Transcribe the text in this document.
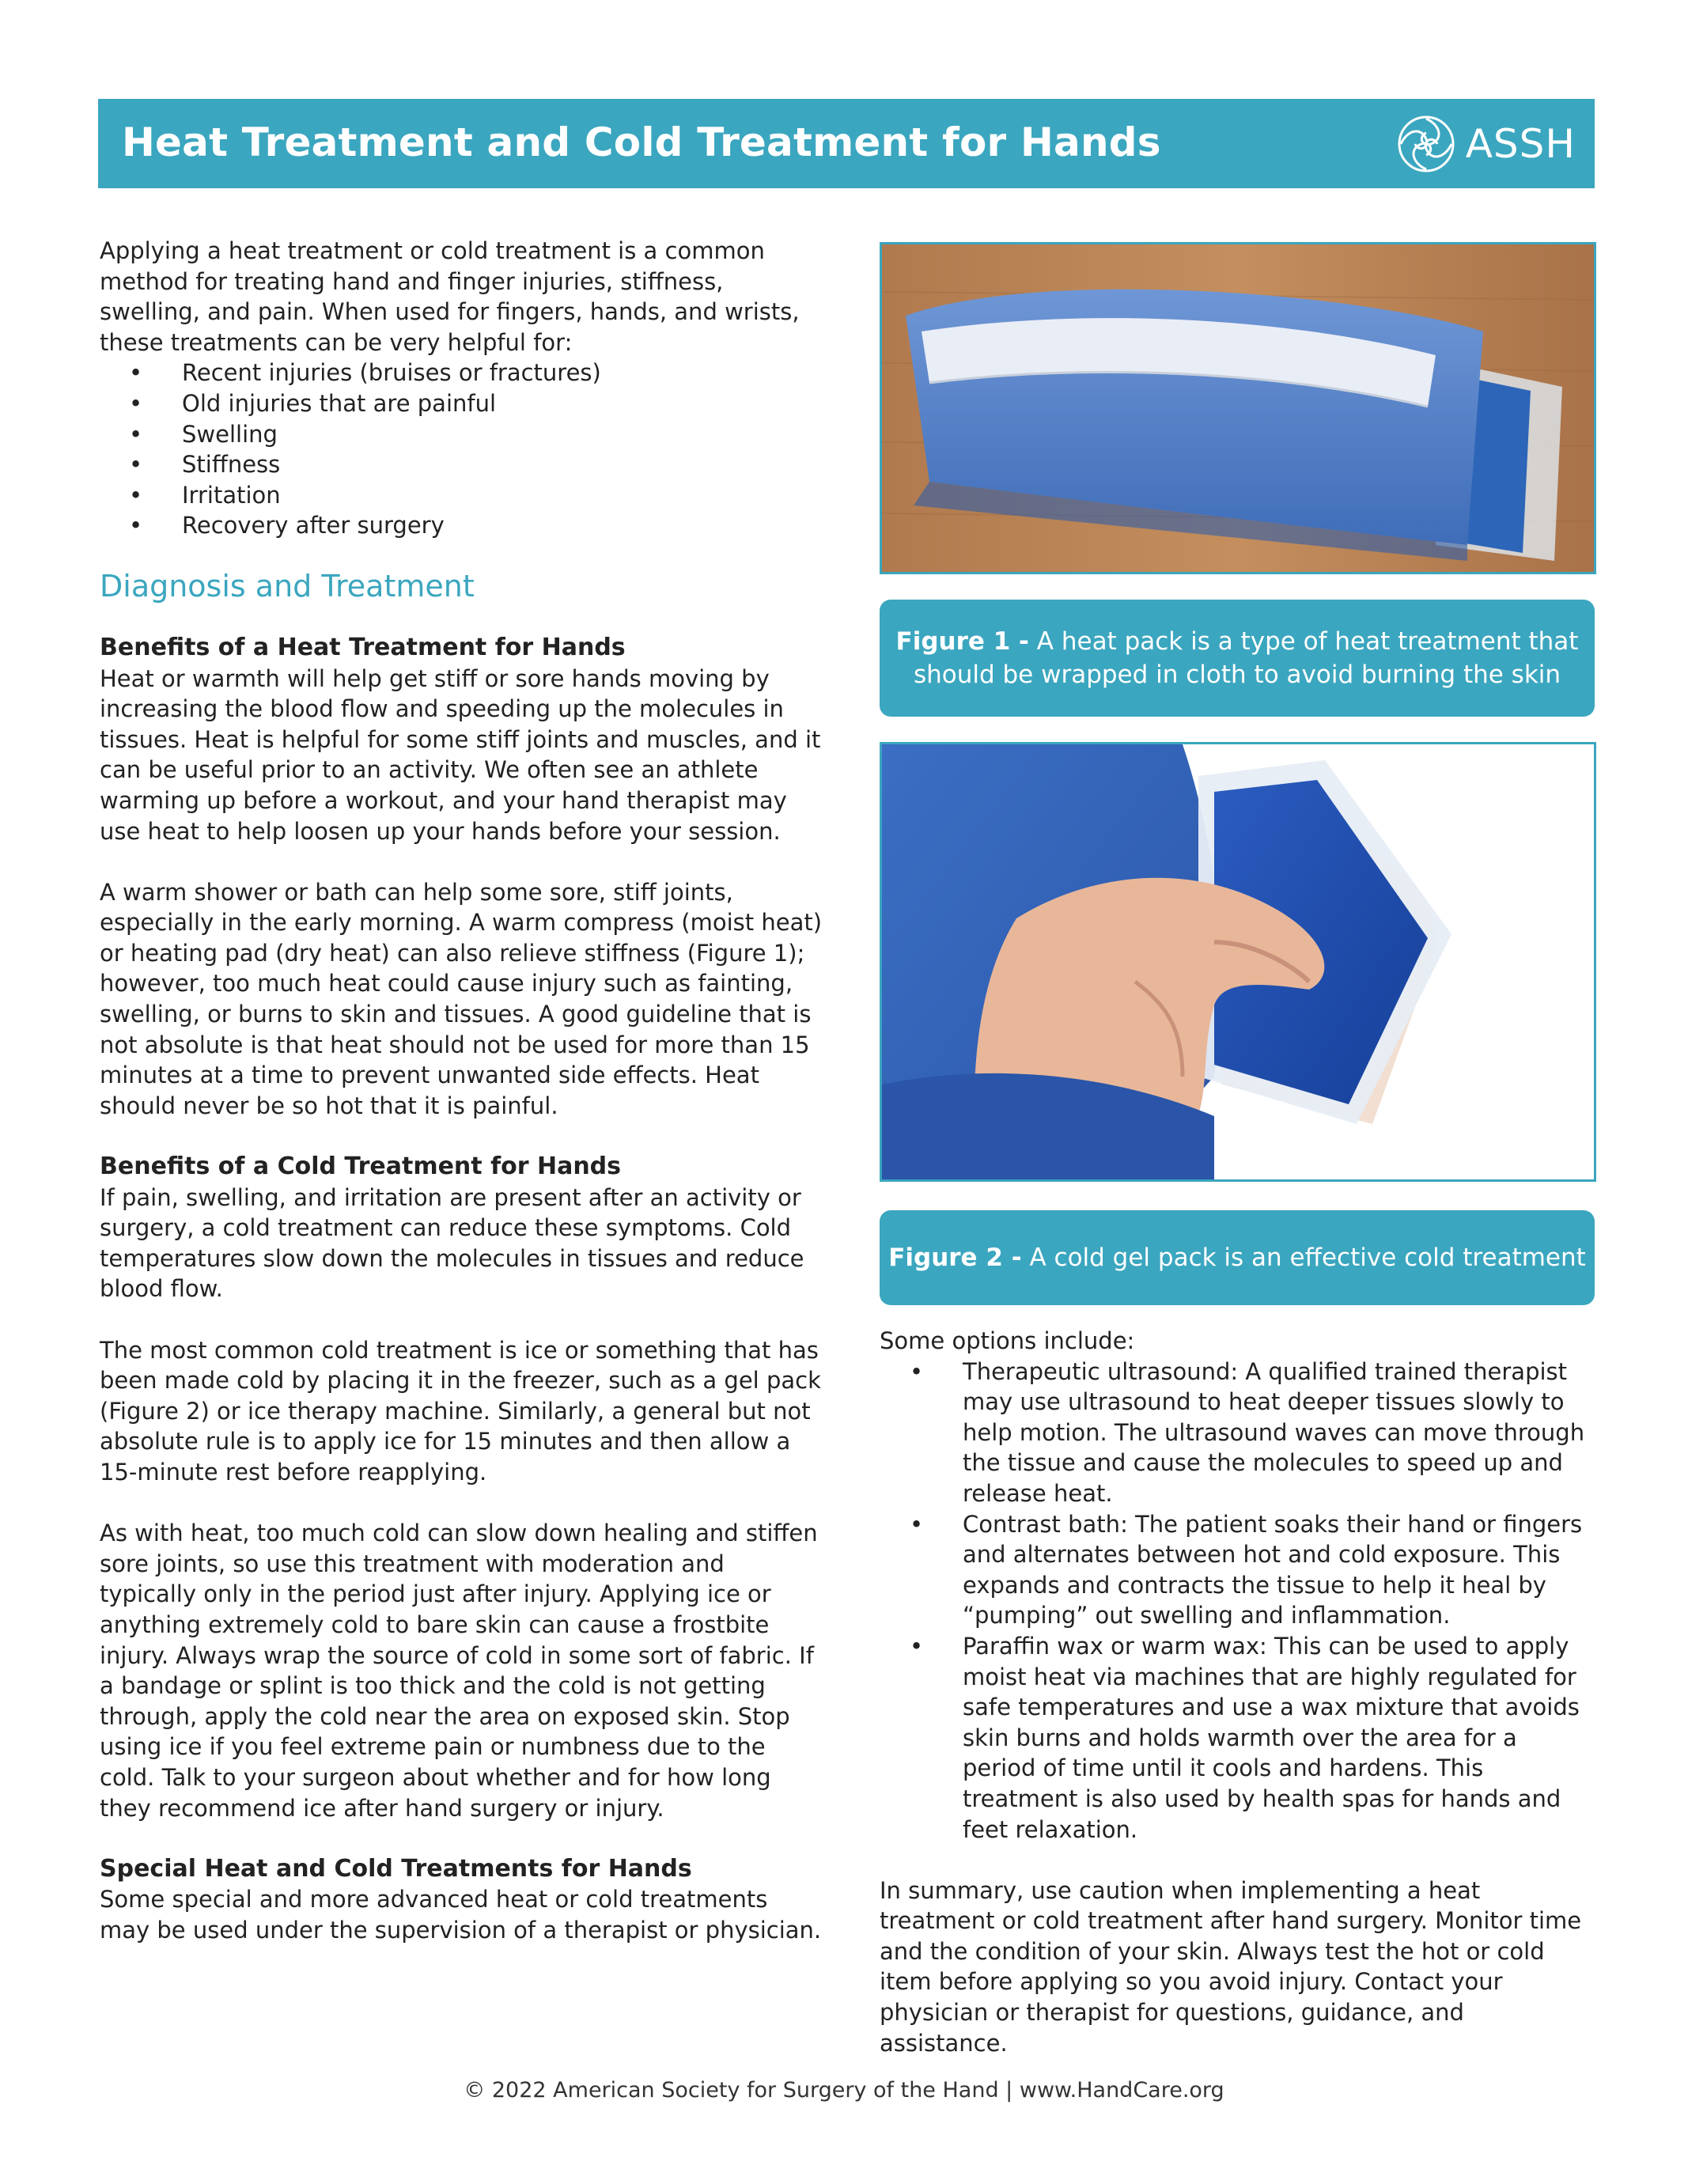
Heat Treatment and Cold Treatment for Hands	ASSH

Applying a heat treatment or cold treatment is a common method for treating hand and finger injuries, stiffness, swelling, and pain. When used for fingers, hands, and wrists, these treatments can be very helpful for:

• Recent injuries (bruises or fractures)
• Old injuries that are painful
• Swelling
• Stiffness
• Irritation
• Recovery after surgery
Diagnosis and Treatment
Benefits of a Heat Treatment for Hands

Heat or warmth will help get stiff or sore hands moving by increasing the blood flow and speeding up the molecules in tissues. Heat is helpful for some stiff joints and muscles, and it can be useful prior to an activity. We often see an athlete warming up before a workout, and your hand therapist may use heat to help loosen up your hands before your session.

A warm shower or bath can help some sore, stiff joints, especially in the early morning. A warm compress (moist heat) or heating pad (dry heat) can also relieve stiffness (Figure 1); however, too much heat could cause injury such as fainting, swelling, or burns to skin and tissues. A good guideline that is not absolute is that heat should not be used for more than 15 minutes at a time to prevent unwanted side effects. Heat should never be so hot that it is painful.

Benefits of a Cold Treatment for Hands

If pain, swelling, and irritation are present after an activity or surgery, a cold treatment can reduce these symptoms. Cold temperatures slow down the molecules in tissues and reduce blood flow.

The most common cold treatment is ice or something that has been made cold by placing it in the freezer, such as a gel pack (Figure 2) or ice therapy machine. Similarly, a general but not absolute rule is to apply ice for 15 minutes and then allow a 15-minute rest before reapplying.

As with heat, too much cold can slow down healing and stiffen sore joints, so use this treatment with moderation and typically only in the period just after injury. Applying ice or anything extremely cold to bare skin can cause a frostbite injury. Always wrap the source of cold in some sort of fabric. If a bandage or splint is too thick and the cold is not getting through, apply the cold near the area on exposed skin. Stop using ice if you feel extreme pain or numbness due to the cold. Talk to your surgeon about whether and for how long they recommend ice after hand surgery or injury.

Special Heat and Cold Treatments for Hands

Some special and more advanced heat or cold treatments may be used under the supervision of a therapist or physician.

Figure 1 - A heat pack is a type of heat treatment that should be wrapped in cloth to avoid burning the skin
Figure 2 - A cold gel pack is an effective cold treatment

Some options include:

• Therapeutic ultrasound: A qualified trained therapist may use ultrasound to heat deeper tissues slowly to help motion. The ultrasound waves can move through the tissue and cause the molecules to speed up and release heat.
• Contrast bath: The patient soaks their hand or fingers and alternates between hot and cold exposure. This expands and contracts the tissue to help it heal by “pumping” out swelling and inflammation.
• Paraffin wax or warm wax: This can be used to apply moist heat via machines that are highly regulated for safe temperatures and use a wax mixture that avoids skin burns and holds warmth over the area for a period of time until it cools and hardens. This treatment is also used by health spas for hands and feet relaxation.

In summary, use caution when implementing a heat treatment or cold treatment after hand surgery. Monitor time and the condition of your skin. Always test the hot or cold item before applying so you avoid injury. Contact your physician or therapist for questions, guidance, and assistance.

© 2022 American Society for Surgery of the Hand | www.HandCare.org
